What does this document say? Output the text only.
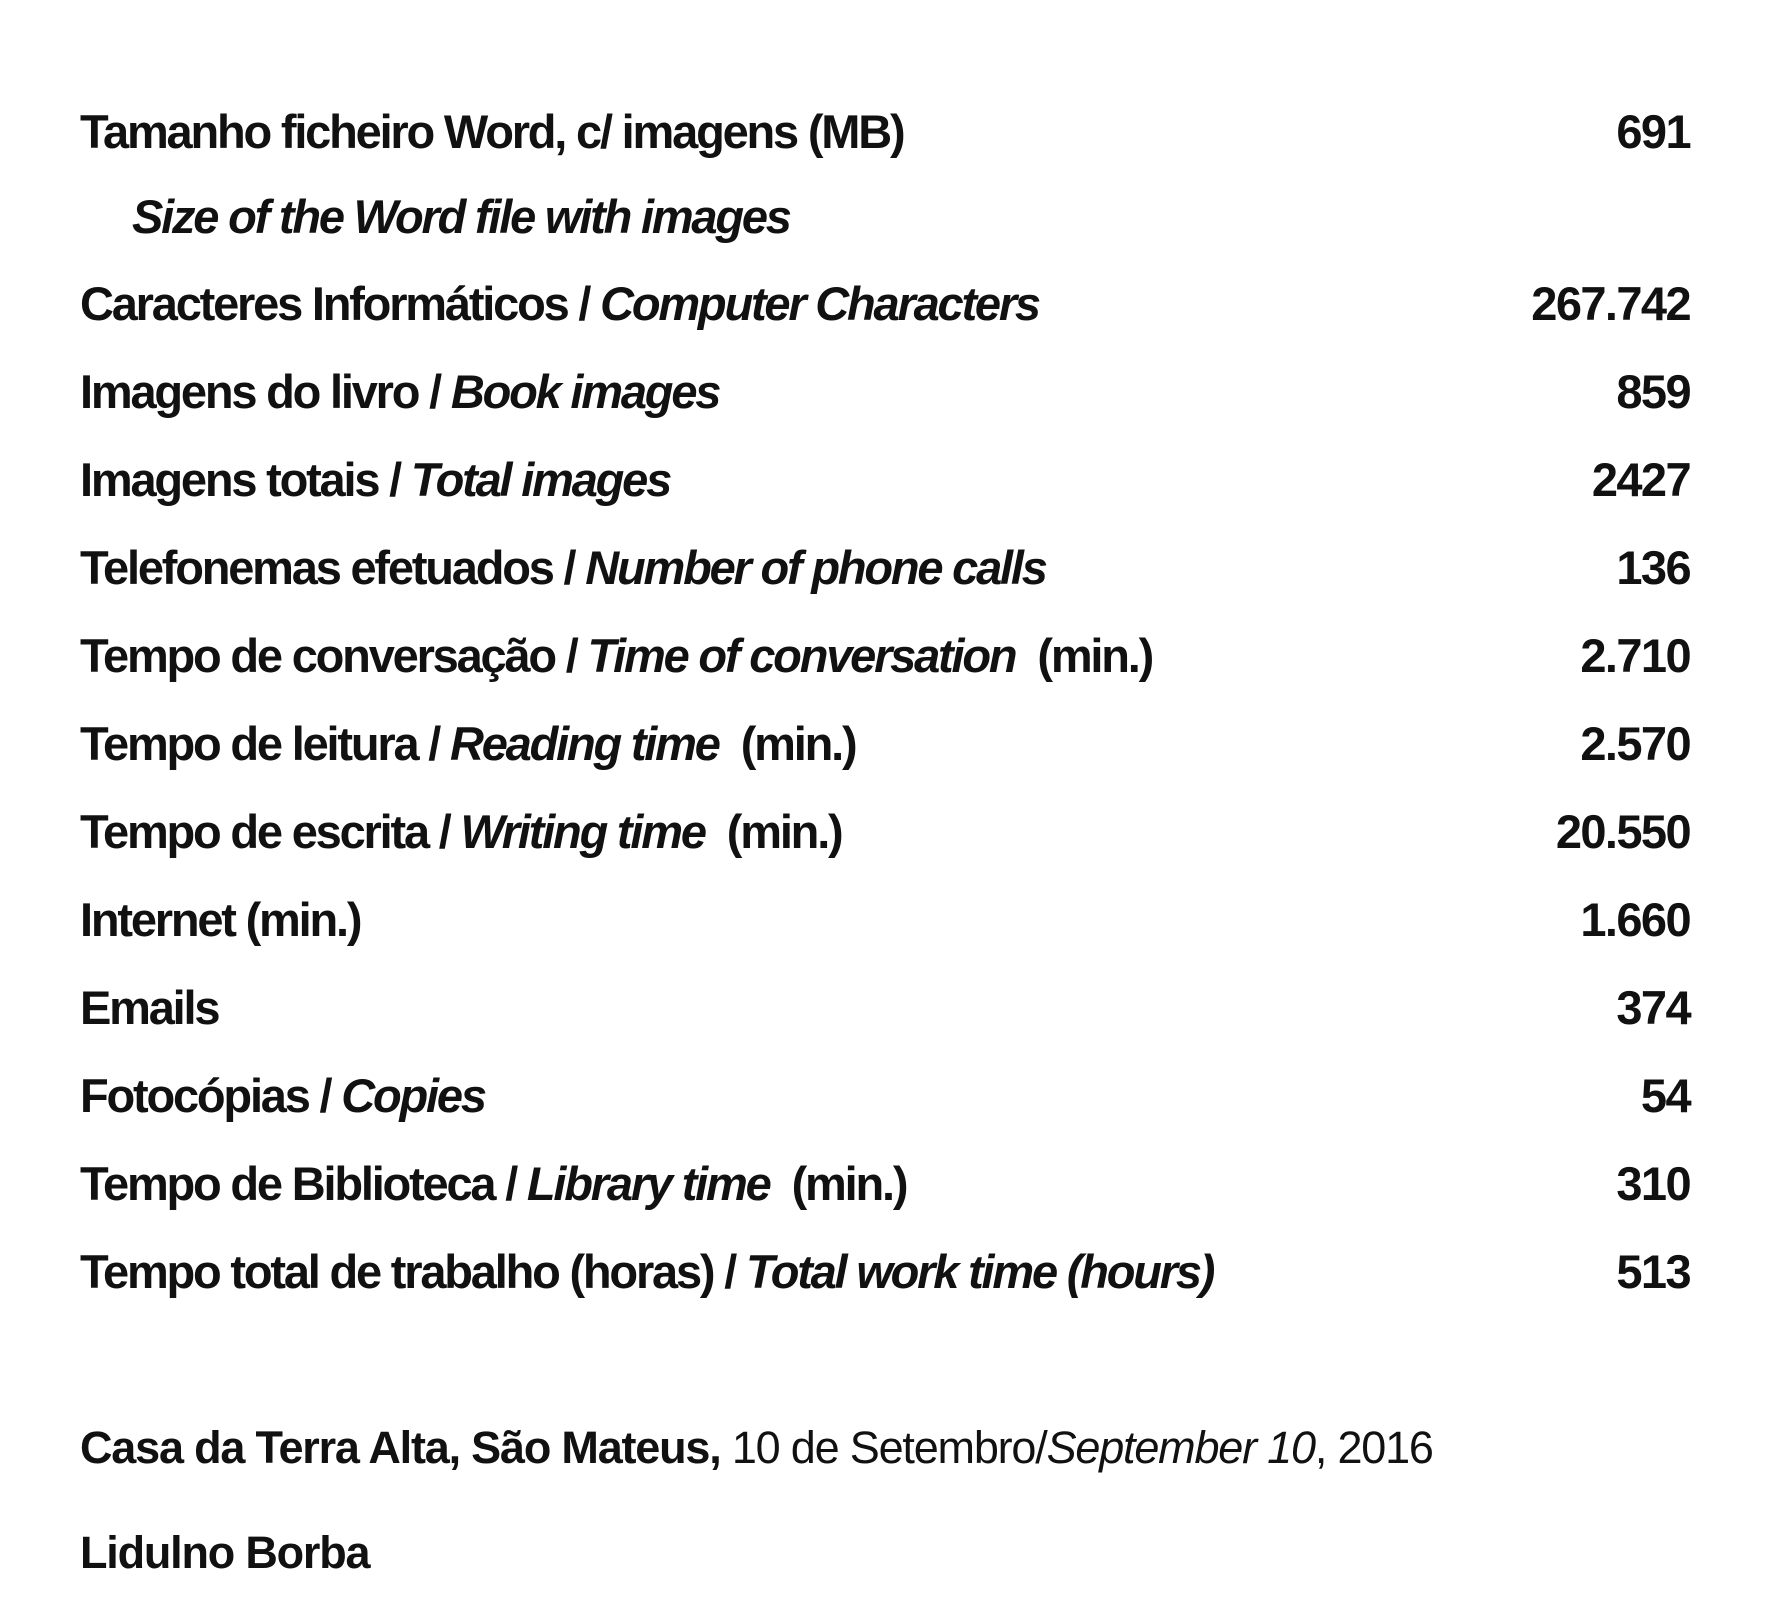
Tamanho ficheiro Word, c/ imagens (MB)	691
Size of the Word file with images
Caracteres Informáticos / Computer Characters	267.742
Imagens do livro / Book images	859
Imagens totais / Total images	2427
Telefonemas efetuados / Number of phone calls	136
Tempo de conversação / Time of conversation (min.)	2.710
Tempo de leitura / Reading time (min.)	2.570
Tempo de escrita / Writing time (min.)	20.550
Internet (min.)	1.660
Emails	374
Fotocópias / Copies	54
Tempo de Biblioteca / Library time (min.)	310
Tempo total de trabalho (horas) / Total work time (hours)	513
Casa da Terra Alta, São Mateus, 10 de Setembro/September 10, 2016
Lidulno Borba
